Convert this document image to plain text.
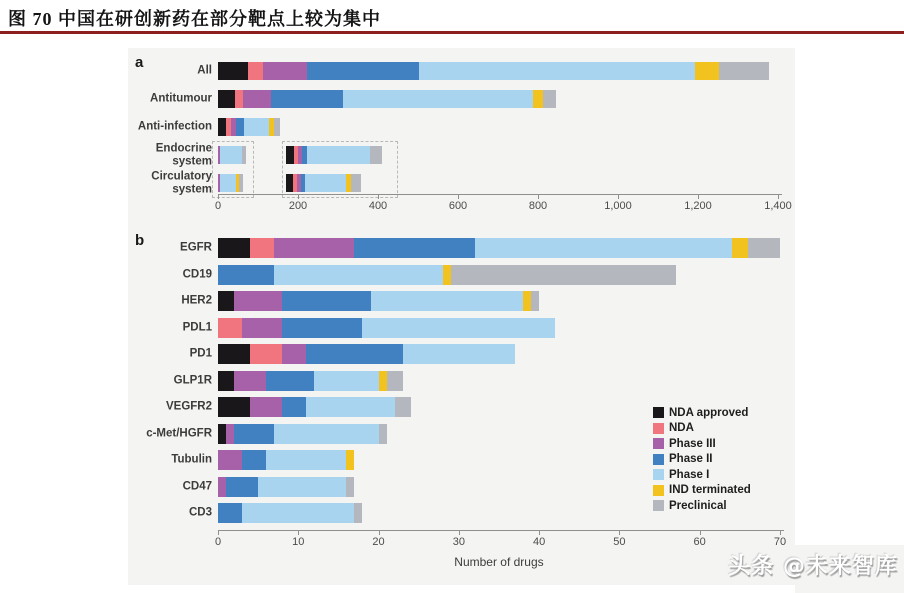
图 70 中国在研创新药在部分靶点上较为集中
a	All
Antitumour
Anti-infection
Endocrine system
Circulatory system
0	200	400	600	800	1,000	1,200	1,400
b	EGFR
CD19
HER2
PDL1
PD1
GLP1R
VEGFR2
c-Met/HGFR
Tubulin
CD47
CD3
0	10	20	30	40	50	60	70
Number of drugs
NDA approved
NDA
Phase III
Phase II
Phase I
IND terminated
Preclinical
头条 @未来智库
